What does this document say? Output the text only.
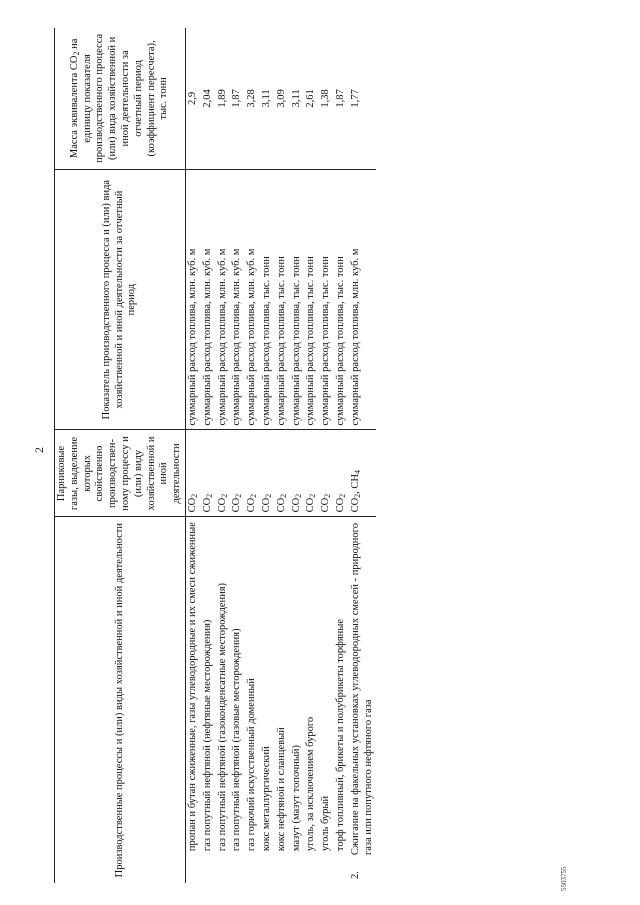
2
5503755
Производственные процессы и (или) виды хозяйственной и иной деятельности		Парниковые газы, выделение которых свойственно производствен-ному процессу и (или) виду хозяйственной и иной деятельности	Показатель производственного процесса и (или) вида хозяйственной и иной деятельности за отчетный период	Масса эквивалента $CO_2$ на единицу показателя производственного процесса (или) вида хозяйственной и иной деятельности за отчетный период (коэффициент пересчета), тыс. тонн
	пропан и бутан сжиженные, газы углеводородные и их смеси сжиженные	$CO_2$	суммарный расход топлива, млн. куб. м	2,9
	газ попутный нефтяной (нефтяные месторождения)	$CO_2$	суммарный расход топлива, млн. куб. м	2,04
	газ попутный нефтяной (газоконденсатные месторождения)	$CO_2$	суммарный расход топлива, млн. куб. м	1,89
	газ попутный нефтяной (газовые месторождения)	$CO_2$	суммарный расход топлива, млн. куб. м	1,87
	газ горючий искусственный доменный	$CO_2$	суммарный расход топлива, млн. куб. м	3,28
	кокс металлургический	$CO_2$	суммарный расход топлива, тыс. тонн	3,11
	кокс нефтяной и сланцевый	$CO_2$	суммарный расход топлива, тыс. тонн	3,09
	мазут (мазут топочный)	$CO_2$	суммарный расход топлива, тыс. тонн	3,11
	уголь, за исключением бурого	$CO_2$	суммарный расход топлива, тыс. тонн	2,61
	уголь бурый	$CO_2$	суммарный расход топлива, тыс. тонн	1,38
	торф топливный, брикеты и полубрикеты торфяные	$CO_2$	суммарный расход топлива, тыс. тонн	1,87
2.	Сжигание на факельных установках углеводородных смесей - природного газа или попутного нефтяного газа	$CO_2$, $CH_4$	суммарный расход топлива, млн. куб. м	1,77
